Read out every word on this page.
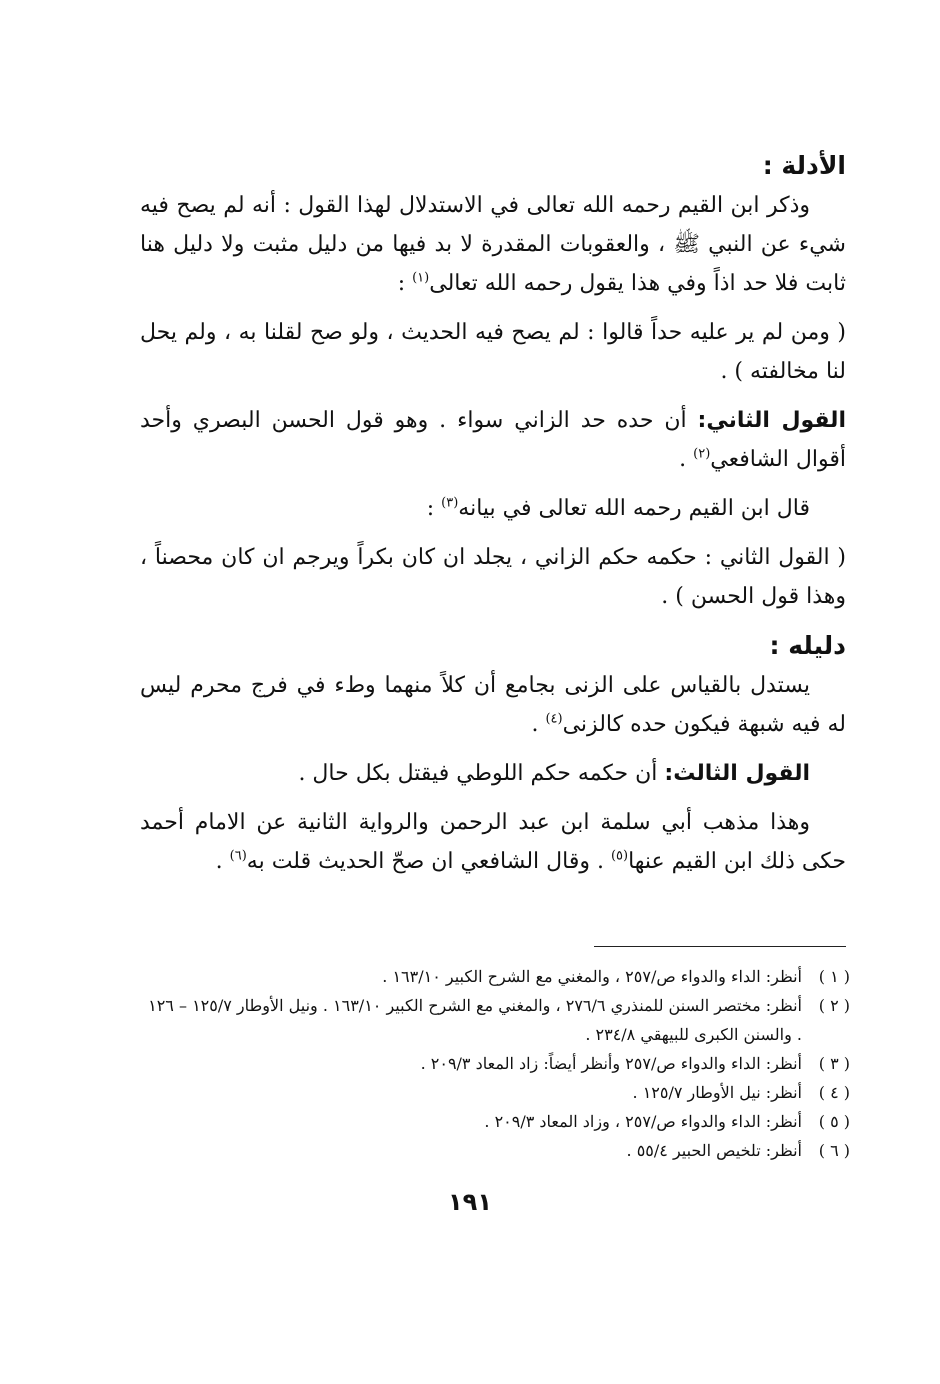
الأدلة :

وذكر ابن القيم رحمه الله تعالى في الاستدلال لهذا القول : أنه لم يصح فيه شيء عن النبي ﷺ ، والعقوبات المقدرة لا بد فيها من دليل مثبت ولا دليل هنا ثابت فلا حد اذاً وفي هذا يقول رحمه الله تعالى$^{(١)}$ :

( ومن لم ير عليه حداً قالوا : لم يصح فيه الحديث ، ولو صح لقلنا به ، ولم يحل لنا مخالفته ) .

القول الثاني: أن حده حد الزاني سواء . وهو قول الحسن البصري وأحد أقوال الشافعي$^{(٢)}$ .

قال ابن القيم رحمه الله تعالى في بيانه$^{(٣)}$ :

( القول الثاني : حكمه حكم الزاني ، يجلد ان كان بكراً ويرجم ان كان محصناً ، وهذا قول الحسن ) .

دليله :

يستدل بالقياس على الزنى بجامع أن كلاً منهما وطء في فرج محرم ليس له فيه شبهة فيكون حده كالزنى$^{(٤)}$ .

القول الثالث: أن حكمه حكم اللوطي فيقتل بكل حال .

وهذا مذهب أبي سلمة ابن عبد الرحمن والرواية الثانية عن الامام أحمد حكى ذلك ابن القيم عنها$^{(٥)}$ . وقال الشافعي ان صحّ الحديث قلت به$^{(٦)}$ .

( ١ )
أنظر: الداء والدواء ص/٢٥٧ ، والمغني مع الشرح الكبير ١٦٣/١٠ .
( ٢ )
أنظر: مختصر السنن للمنذري ٢٧٦/٦ ، والمغني مع الشرح الكبير ١٦٣/١٠ . ونيل الأوطار ١٢٥/٧ – ١٢٦ . والسنن الكبرى للبيهقي ٢٣٤/٨ .
( ٣ )
أنظر: الداء والدواء ص/٢٥٧ وأنظر أيضاً: زاد المعاد ٢٠٩/٣ .
( ٤ )
أنظر: نيل الأوطار ١٢٥/٧ .
( ٥ )
أنظر: الداء والدواء ص/٢٥٧ ، وزاد المعاد ٢٠٩/٣ .
( ٦ )
أنظر: تلخيص الحبير ٥٥/٤ .
١٩١
